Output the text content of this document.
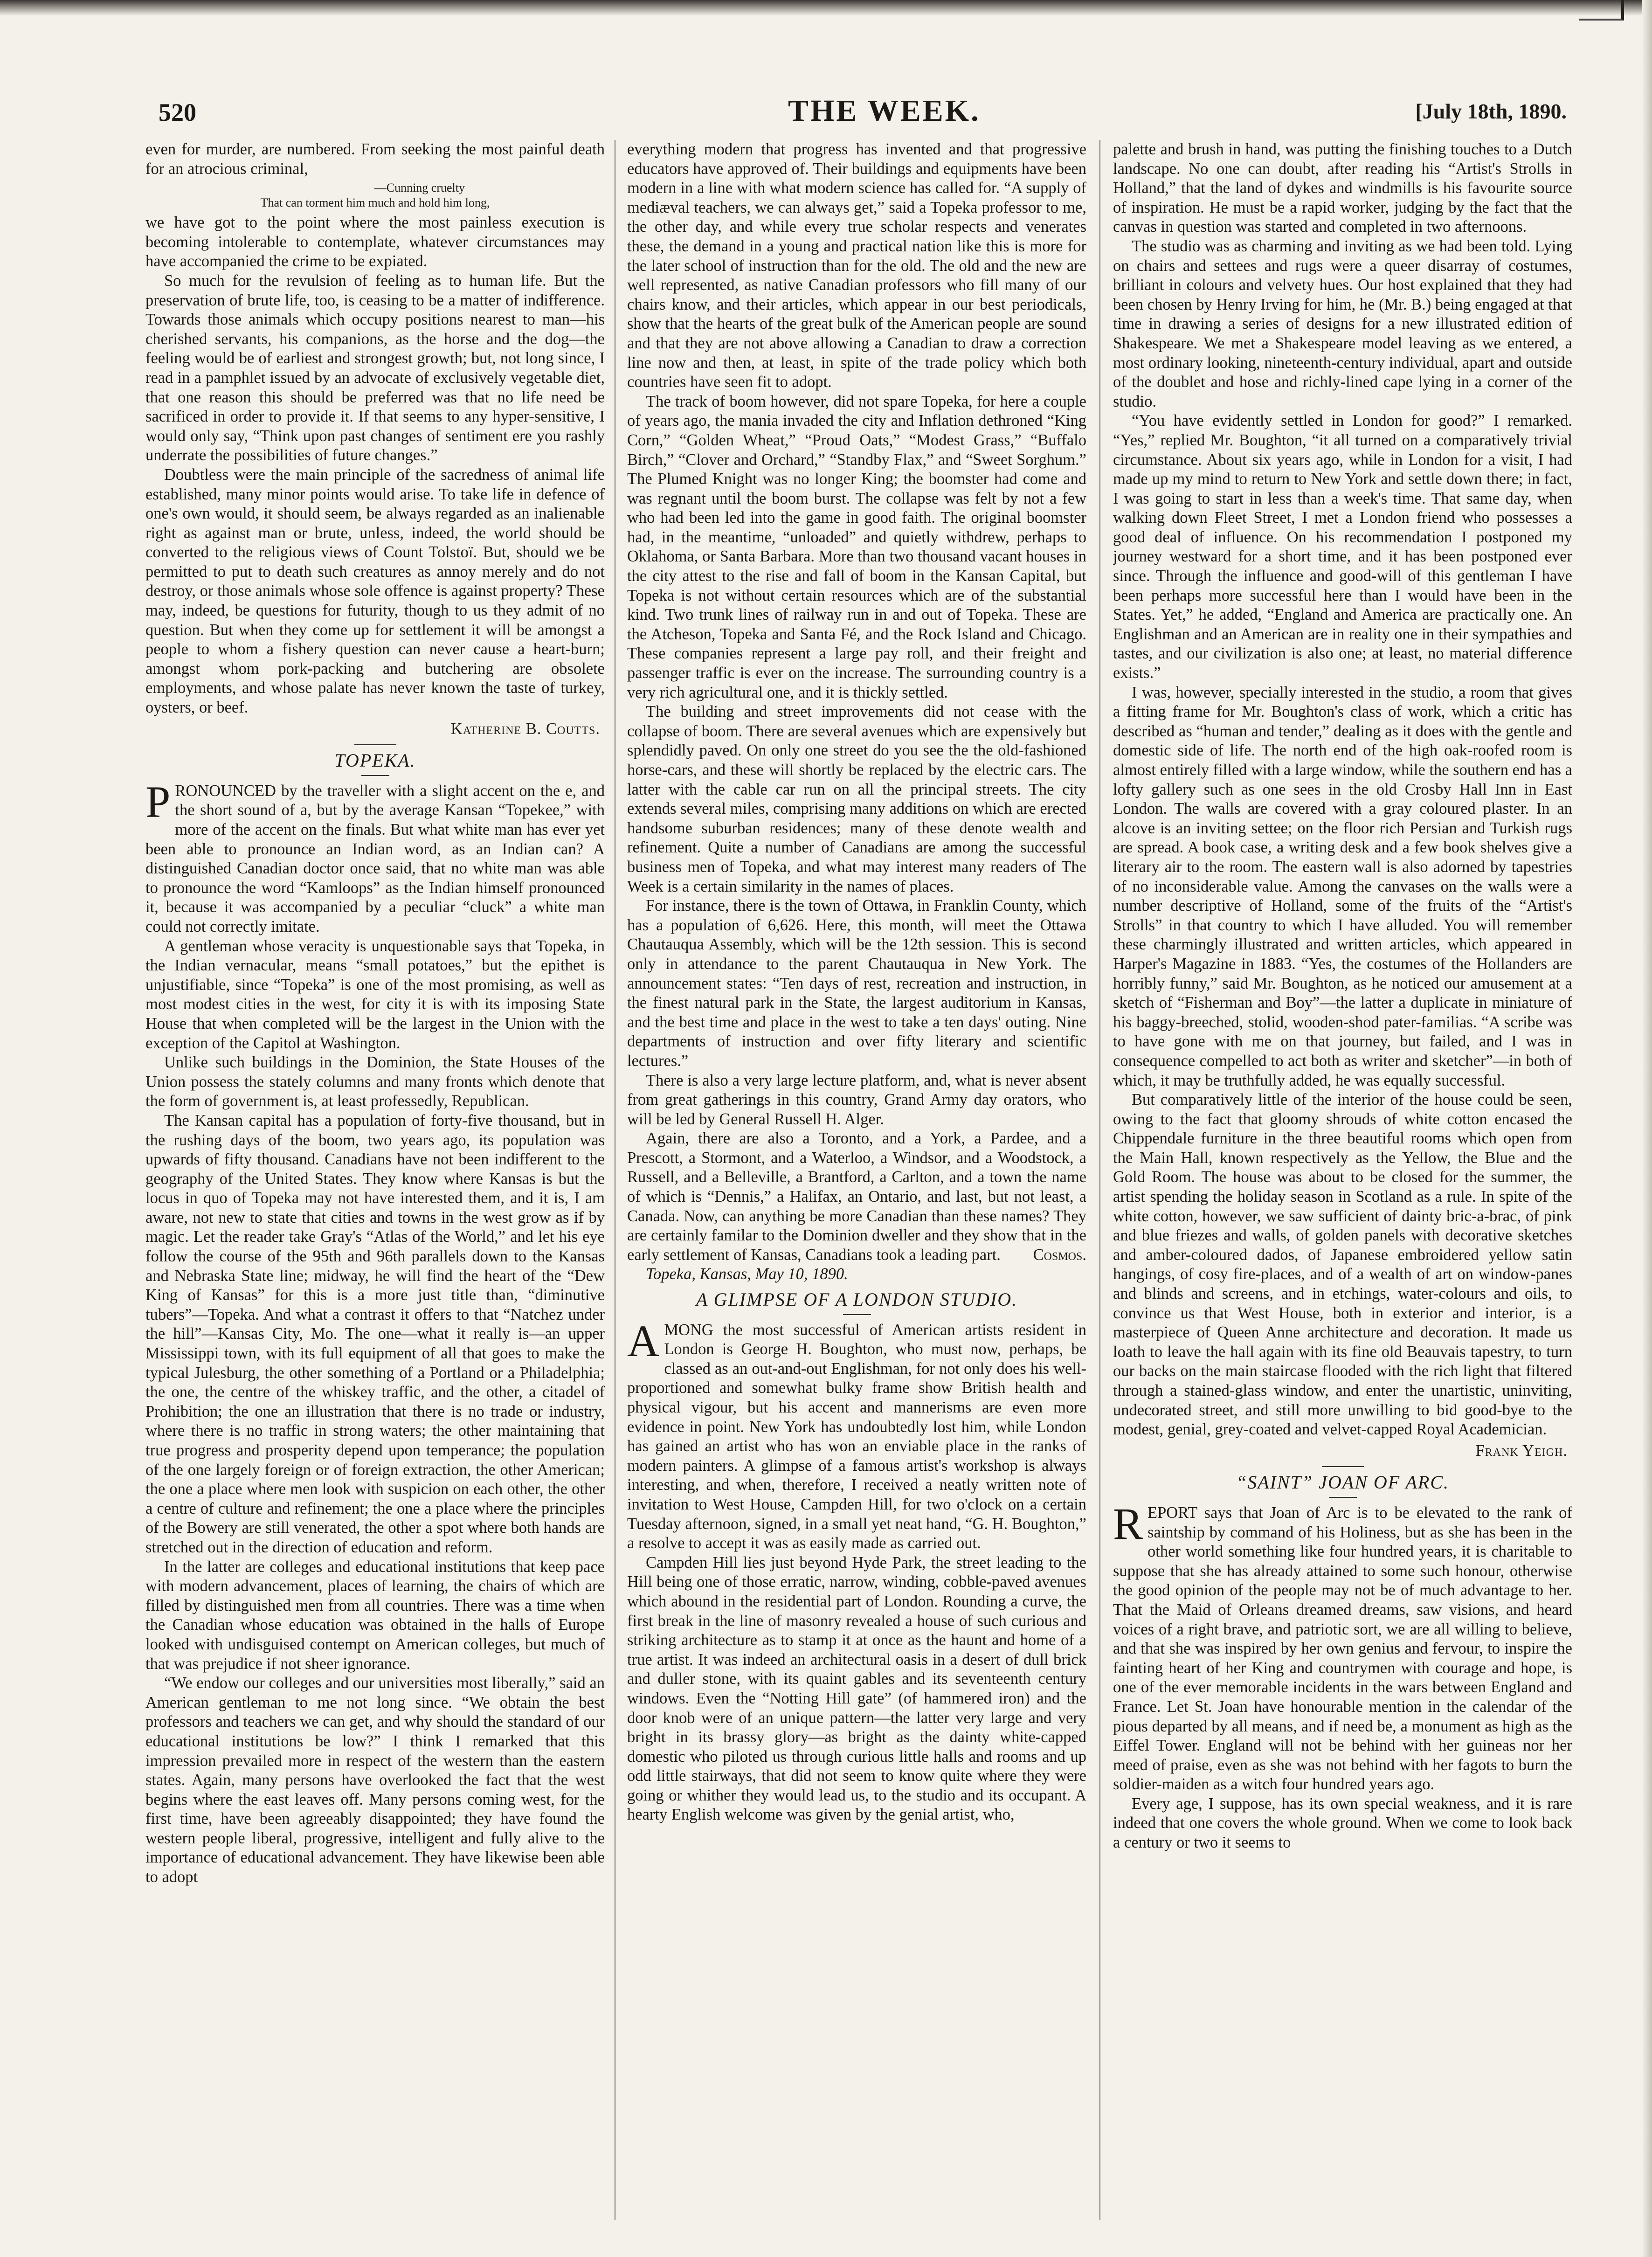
520	THE WEEK.	[July 18th, 1890.

even for murder, are numbered. From seeking the most painful death for an atrocious criminal,

—Cunning cruelty
That can torment him much and hold him long,

we have got to the point where the most painless execution is becoming intolerable to contemplate, whatever circumstances may have accompanied the crime to be expiated.

So much for the revulsion of feeling as to human life. But the preservation of brute life, too, is ceasing to be a matter of indifference. Towards those animals which occupy positions nearest to man—his cherished servants, his companions, as the horse and the dog—the feeling would be of earliest and strongest growth; but, not long since, I read in a pamphlet issued by an advocate of exclusively vegetable diet, that one reason this should be preferred was that no life need be sacrificed in order to provide it. If that seems to any hyper-sensitive, I would only say, “Think upon past changes of sentiment ere you rashly underrate the possibilities of future changes.”

Doubtless were the main principle of the sacredness of animal life established, many minor points would arise. To take life in defence of one's own would, it should seem, be always regarded as an inalienable right as against man or brute, unless, indeed, the world should be converted to the religious views of Count Tolstoï. But, should we be permitted to put to death such creatures as annoy merely and do not destroy, or those animals whose sole offence is against property? These may, indeed, be questions for futurity, though to us they admit of no question. But when they come up for settlement it will be amongst a people to whom a fishery question can never cause a heart-burn; amongst whom pork-packing and butchering are obsolete employments, and whose palate has never known the taste of turkey, oysters, or beef.

Katherine B. Coutts.
TOPEKA.

PRONOUNCED by the traveller with a slight accent on the e, and the short sound of a, but by the average Kansan “Topekee,” with more of the accent on the finals. But what white man has ever yet been able to pronounce an Indian word, as an Indian can? A distinguished Canadian doctor once said, that no white man was able to pronounce the word “Kamloops” as the Indian himself pronounced it, because it was accompanied by a peculiar “cluck” a white man could not correctly imitate.

A gentleman whose veracity is unquestionable says that Topeka, in the Indian vernacular, means “small potatoes,” but the epithet is unjustifiable, since “Topeka” is one of the most promising, as well as most modest cities in the west, for city it is with its imposing State House that when completed will be the largest in the Union with the exception of the Capitol at Washington.

Unlike such buildings in the Dominion, the State Houses of the Union possess the stately columns and many fronts which denote that the form of government is, at least professedly, Republican.

The Kansan capital has a population of forty-five thousand, but in the rushing days of the boom, two years ago, its population was upwards of fifty thousand. Canadians have not been indifferent to the geography of the United States. They know where Kansas is but the locus in quo of Topeka may not have interested them, and it is, I am aware, not new to state that cities and towns in the west grow as if by magic. Let the reader take Gray's “Atlas of the World,” and let his eye follow the course of the 95th and 96th parallels down to the Kansas and Nebraska State line; midway, he will find the heart of the “Dew King of Kansas” for this is a more just title than, “diminutive tubers”—Topeka. And what a contrast it offers to that “Natchez under the hill”—Kansas City, Mo. The one—what it really is—an upper Mississippi town, with its full equipment of all that goes to make the typical Julesburg, the other something of a Portland or a Philadelphia; the one, the centre of the whiskey traffic, and the other, a citadel of Prohibition; the one an illustration that there is no trade or industry, where there is no traffic in strong waters; the other maintaining that true progress and prosperity depend upon temperance; the population of the one largely foreign or of foreign extraction, the other American; the one a place where men look with suspicion on each other, the other a centre of culture and refinement; the one a place where the principles of the Bowery are still venerated, the other a spot where both hands are stretched out in the direction of education and reform.

In the latter are colleges and educational institutions that keep pace with modern advancement, places of learning, the chairs of which are filled by distinguished men from all countries. There was a time when the Canadian whose education was obtained in the halls of Europe looked with undisguised contempt on American colleges, but much of that was prejudice if not sheer ignorance.

“We endow our colleges and our universities most liberally,” said an American gentleman to me not long since. “We obtain the best professors and teachers we can get, and why should the standard of our educational institutions be low?” I think I remarked that this impression prevailed more in respect of the western than the eastern states. Again, many persons have overlooked the fact that the west begins where the east leaves off. Many persons coming west, for the first time, have been agreeably disappointed; they have found the western people liberal, progressive, intelligent and fully alive to the importance of educational advancement. They have likewise been able to adopt

everything modern that progress has invented and that progressive educators have approved of. Their buildings and equipments have been modern in a line with what modern science has called for. “A supply of mediæval teachers, we can always get,” said a Topeka professor to me, the other day, and while every true scholar respects and venerates these, the demand in a young and practical nation like this is more for the later school of instruction than for the old. The old and the new are well represented, as native Canadian professors who fill many of our chairs know, and their articles, which appear in our best periodicals, show that the hearts of the great bulk of the American people are sound and that they are not above allowing a Canadian to draw a correction line now and then, at least, in spite of the trade policy which both countries have seen fit to adopt.

The track of boom however, did not spare Topeka, for here a couple of years ago, the mania invaded the city and Inflation dethroned “King Corn,” “Golden Wheat,” “Proud Oats,” “Modest Grass,” “Buffalo Birch,” “Clover and Orchard,” “Standby Flax,” and “Sweet Sorghum.” The Plumed Knight was no longer King; the boomster had come and was regnant until the boom burst. The collapse was felt by not a few who had been led into the game in good faith. The original boomster had, in the meantime, “unloaded” and quietly withdrew, perhaps to Oklahoma, or Santa Barbara. More than two thousand vacant houses in the city attest to the rise and fall of boom in the Kansan Capital, but Topeka is not without certain resources which are of the substantial kind. Two trunk lines of railway run in and out of Topeka. These are the Atcheson, Topeka and Santa Fé, and the Rock Island and Chicago. These companies represent a large pay roll, and their freight and passenger traffic is ever on the increase. The surrounding country is a very rich agricultural one, and it is thickly settled.

The building and street improvements did not cease with the collapse of boom. There are several avenues which are expensively but splendidly paved. On only one street do you see the the old-fashioned horse-cars, and these will shortly be replaced by the electric cars. The latter with the cable car run on all the principal streets. The city extends several miles, comprising many additions on which are erected handsome suburban residences; many of these denote wealth and refinement. Quite a number of Canadians are among the successful business men of Topeka, and what may interest many readers of The Week is a certain similarity in the names of places.

For instance, there is the town of Ottawa, in Franklin County, which has a population of 6,626. Here, this month, will meet the Ottawa Chautauqua Assembly, which will be the 12th session. This is second only in attendance to the parent Chautauqua in New York. The announcement states: “Ten days of rest, recreation and instruction, in the finest natural park in the State, the largest auditorium in Kansas, and the best time and place in the west to take a ten days' outing. Nine departments of instruction and over fifty literary and scientific lectures.”

There is also a very large lecture platform, and, what is never absent from great gatherings in this country, Grand Army day orators, who will be led by General Russell H. Alger.

Again, there are also a Toronto, and a York, a Pardee, and a Prescott, a Stormont, and a Waterloo, a Windsor, and a Woodstock, a Russell, and a Belleville, a Brantford, a Carlton, and a town the name of which is “Dennis,” a Halifax, an Ontario, and last, but not least, a Canada. Now, can anything be more Canadian than these names? They are certainly familar to the Dominion dweller and they show that in the early settlement of Kansas, Canadians took a leading part.	Cosmos.

Topeka, Kansas, May 10, 1890.

A GLIMPSE OF A LONDON STUDIO.

AMONG the most successful of American artists resident in London is George H. Boughton, who must now, perhaps, be classed as an out-and-out Englishman, for not only does his well-proportioned and somewhat bulky frame show British health and physical vigour, but his accent and mannerisms are even more evidence in point. New York has undoubtedly lost him, while London has gained an artist who has won an enviable place in the ranks of modern painters. A glimpse of a famous artist's workshop is always interesting, and when, therefore, I received a neatly written note of invitation to West House, Campden Hill, for two o'clock on a certain Tuesday afternoon, signed, in a small yet neat hand, “G. H. Boughton,” a resolve to accept it was as easily made as carried out.

Campden Hill lies just beyond Hyde Park, the street leading to the Hill being one of those erratic, narrow, winding, cobble-paved avenues which abound in the residential part of London. Rounding a curve, the first break in the line of masonry revealed a house of such curious and striking architecture as to stamp it at once as the haunt and home of a true artist. It was indeed an architectural oasis in a desert of dull brick and duller stone, with its quaint gables and its seventeenth century windows. Even the “Notting Hill gate” (of hammered iron) and the door knob were of an unique pattern—the latter very large and very bright in its brassy glory—as bright as the dainty white-capped domestic who piloted us through curious little halls and rooms and up odd little stairways, that did not seem to know quite where they were going or whither they would lead us, to the studio and its occupant. A hearty English welcome was given by the genial artist, who,

palette and brush in hand, was putting the finishing touches to a Dutch landscape. No one can doubt, after reading his “Artist's Strolls in Holland,” that the land of dykes and windmills is his favourite source of inspiration. He must be a rapid worker, judging by the fact that the canvas in question was started and completed in two afternoons.

The studio was as charming and inviting as we had been told. Lying on chairs and settees and rugs were a queer disarray of costumes, brilliant in colours and velvety hues. Our host explained that they had been chosen by Henry Irving for him, he (Mr. B.) being engaged at that time in drawing a series of designs for a new illustrated edition of Shakespeare. We met a Shakespeare model leaving as we entered, a most ordinary looking, nineteenth-century individual, apart and outside of the doublet and hose and richly-lined cape lying in a corner of the studio.

“You have evidently settled in London for good?” I remarked. “Yes,” replied Mr. Boughton, “it all turned on a comparatively trivial circumstance. About six years ago, while in London for a visit, I had made up my mind to return to New York and settle down there; in fact, I was going to start in less than a week's time. That same day, when walking down Fleet Street, I met a London friend who possesses a good deal of influence. On his recommendation I postponed my journey westward for a short time, and it has been postponed ever since. Through the influence and good-will of this gentleman I have been perhaps more successful here than I would have been in the States. Yet,” he added, “England and America are practically one. An Englishman and an American are in reality one in their sympathies and tastes, and our civilization is also one; at least, no material difference exists.”

I was, however, specially interested in the studio, a room that gives a fitting frame for Mr. Boughton's class of work, which a critic has described as “human and tender,” dealing as it does with the gentle and domestic side of life. The north end of the high oak-roofed room is almost entirely filled with a large window, while the southern end has a lofty gallery such as one sees in the old Crosby Hall Inn in East London. The walls are covered with a gray coloured plaster. In an alcove is an inviting settee; on the floor rich Persian and Turkish rugs are spread. A book case, a writing desk and a few book shelves give a literary air to the room. The eastern wall is also adorned by tapestries of no inconsiderable value. Among the canvases on the walls were a number descriptive of Holland, some of the fruits of the “Artist's Strolls” in that country to which I have alluded. You will remember these charmingly illustrated and written articles, which appeared in Harper's Magazine in 1883. “Yes, the costumes of the Hollanders are horribly funny,” said Mr. Boughton, as he noticed our amusement at a sketch of “Fisherman and Boy”—the latter a duplicate in miniature of his baggy-breeched, stolid, wooden-shod pater-familias. “A scribe was to have gone with me on that journey, but failed, and I was in consequence compelled to act both as writer and sketcher”—in both of which, it may be truthfully added, he was equally successful.

But comparatively little of the interior of the house could be seen, owing to the fact that gloomy shrouds of white cotton encased the Chippendale furniture in the three beautiful rooms which open from the Main Hall, known respectively as the Yellow, the Blue and the Gold Room. The house was about to be closed for the summer, the artist spending the holiday season in Scotland as a rule. In spite of the white cotton, however, we saw sufficient of dainty bric-a-brac, of pink and blue friezes and walls, of golden panels with decorative sketches and amber-coloured dados, of Japanese embroidered yellow satin hangings, of cosy fire-places, and of a wealth of art on window-panes and blinds and screens, and in etchings, water-colours and oils, to convince us that West House, both in exterior and interior, is a masterpiece of Queen Anne architecture and decoration. It made us loath to leave the hall again with its fine old Beauvais tapestry, to turn our backs on the main staircase flooded with the rich light that filtered through a stained-glass window, and enter the unartistic, uninviting, undecorated street, and still more unwilling to bid good-bye to the modest, genial, grey-coated and velvet-capped Royal Academician.

Frank Yeigh.
“SAINT” JOAN OF ARC.

REPORT says that Joan of Arc is to be elevated to the rank of saintship by command of his Holiness, but as she has been in the other world something like four hundred years, it is charitable to suppose that she has already attained to some such honour, otherwise the good opinion of the people may not be of much advantage to her. That the Maid of Orleans dreamed dreams, saw visions, and heard voices of a right brave, and patriotic sort, we are all willing to believe, and that she was inspired by her own genius and fervour, to inspire the fainting heart of her King and countrymen with courage and hope, is one of the ever memorable incidents in the wars between England and France. Let St. Joan have honourable mention in the calendar of the pious departed by all means, and if need be, a monument as high as the Eiffel Tower. England will not be behind with her guineas nor her meed of praise, even as she was not behind with her fagots to burn the soldier-maiden as a witch four hundred years ago.

Every age, I suppose, has its own special weakness, and it is rare indeed that one covers the whole ground. When we come to look back a century or two it seems to
